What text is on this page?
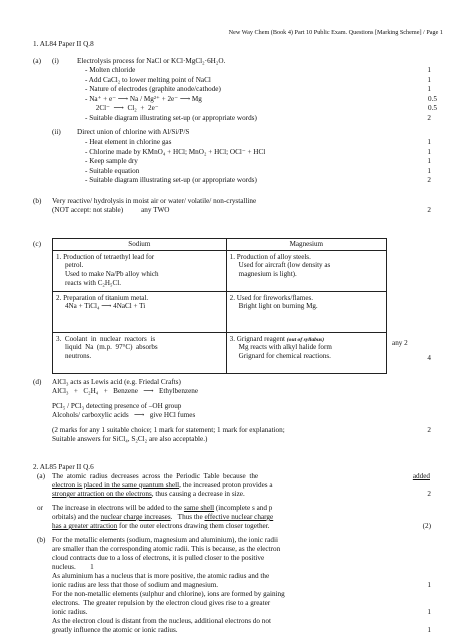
New Way Chem (Book 4) Part 10 Public Exam. Questions [Marking Scheme] / Page 1
1. AL84 Paper II Q.8
(a) (i)	Electrolysis process for NaCl or KCl·MgCl₂·6H₂O.
- Molten chloride	1
- Add CaCl₂ to lower melting point of NaCl	1
- Nature of electrodes (graphite anode/cathode)	1
- Na⁺ + e⁻ ⟶ Na / Mg²⁺ + 2e⁻ ⟶ Mg	0.5
2Cl⁻  ⟶  Cl₂  +  2e⁻	0.5
- Suitable diagram illustrating set-up (or appropriate words)	2
(ii) Direct union of chlorine with Al/Si/P/S
- Heat element in chlorine gas	1
- Chlorine made by KMnO₄ + HCl; MnO₂ + HCl; OCl⁻ + HCl	1
- Keep sample dry	1
- Suitable equation	1
- Suitable diagram illustrating set-up (or appropriate words)	2
(b) Very reactive/ hydrolysis in moist air or water/ volatile/ non-crystalline
(NOT accept: not stable)          any TWO	2
(c)	Sodium	Magnesium
1. Production of tetraethyl lead for

petrol.
Used to make Na/Pb alloy which
reacts with C₂H₅Cl.	1. Production of alloy steels.

Used for aircraft (low density as
magnesium is light).

2. Preparation of titanium metal.

4Na + TiCl₄ ⟶ 4NaCl + Ti	2. Used for fireworks/flames.

Bright light on burning Mg.

3.  Coolant  in  nuclear  reactors  is

liquid  Na  (m.p.  97°C)  absorbs
neutrons.	3. Grignard reagent (out of syllabus)

Mg reacts with alkyl halide form
Grignard for chemical reactions.
any 2
4
(d) AlCl₃ acts as Lewis acid (e.g. Friedal Crafts)
AlCl₃   +   C₂H₄   +   Benzene   ⟶   Ethylbenzene
PCl₅ / PCl₃ detecting presence of –OH group
Alcohols/ carboxylic acids   ⟶   give HCl fumes
(2 marks for any 1 suitable choice; 1 mark for statement; 1 mark for explanation;
Suitable answers for SiCl₄, S₂Cl₂ are also acceptable.)
2
2. AL85 Paper II Q.6
(a) The  atomic  radius  decreases  across  the  Periodic  Table  because  the	added
electron is placed in the same quantum shell, the increased proton provides a
stronger attraction on the electrons, thus causing a decrease in size.	2
or The increase in electrons will be added to the same shell (incomplete s and p
orbitals) and the nuclear charge increases.   Thus the effective nuclear charge
has a greater attraction for the outer electrons drawing them closer together.	(2)
(b) For the metallic elements (sodium, magnesium and aluminium), the ionic radii
are smaller than the corresponding atomic radii. This is because, as the electron
cloud contracts due to a loss of electrons, it is pulled closer to the positive
nucleus.        1
As aluminium has a nucleus that is more positive, the atomic radius and the
ionic radius are less that those of sodium and magnesium.	1
For the non-metallic elements (sulphur and chlorine), ions are formed by gaining
electrons.  The greater repulsion by the electron cloud gives rise to a greater
ionic radius.	1
As the electron cloud is distant from the nucleus, additional electrons do not
greatly influence the atomic or ionic radius.	1
